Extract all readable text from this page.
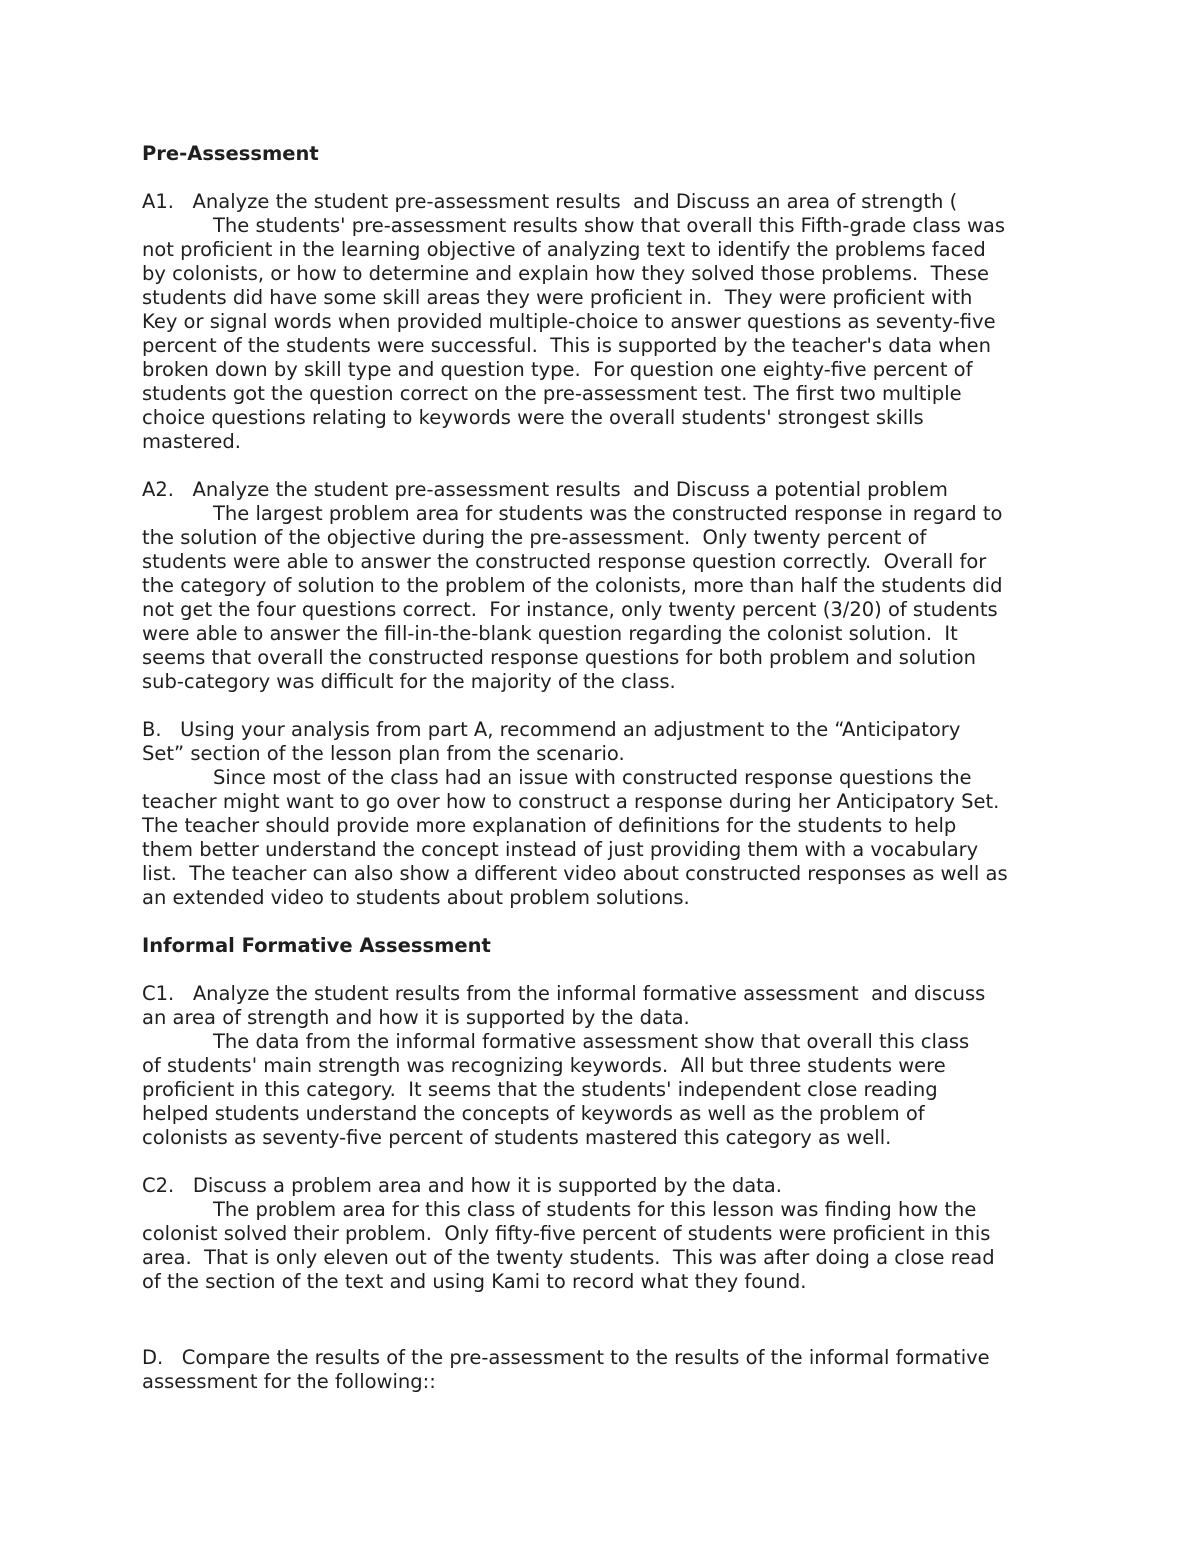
Pre-Assessment
A1.   Analyze the student pre-assessment results  and Discuss an area of strength (
The students' pre-assessment results show that overall this Fifth-grade class was
not proficient in the learning objective of analyzing text to identify the problems faced
by colonists, or how to determine and explain how they solved those problems.  These
students did have some skill areas they were proficient in.  They were proficient with
Key or signal words when provided multiple-choice to answer questions as seventy-five
percent of the students were successful.  This is supported by the teacher's data when
broken down by skill type and question type.  For question one eighty-five percent of
students got the question correct on the pre-assessment test. The first two multiple
choice questions relating to keywords were the overall students' strongest skills
mastered.
A2.   Analyze the student pre-assessment results  and Discuss a potential problem
The largest problem area for students was the constructed response in regard to
the solution of the objective during the pre-assessment.  Only twenty percent of
students were able to answer the constructed response question correctly.  Overall for
the category of solution to the problem of the colonists, more than half the students did
not get the four questions correct.  For instance, only twenty percent (3/20) of students
were able to answer the fill-in-the-blank question regarding the colonist solution.  It
seems that overall the constructed response questions for both problem and solution
sub-category was difficult for the majority of the class.
B.   Using your analysis from part A, recommend an adjustment to the “Anticipatory
Set” section of the lesson plan from the scenario.
Since most of the class had an issue with constructed response questions the
teacher might want to go over how to construct a response during her Anticipatory Set.
The teacher should provide more explanation of definitions for the students to help
them better understand the concept instead of just providing them with a vocabulary
list.  The teacher can also show a different video about constructed responses as well as
an extended video to students about problem solutions.
Informal Formative Assessment
C1.   Analyze the student results from the informal formative assessment  and discuss
an area of strength and how it is supported by the data.
The data from the informal formative assessment show that overall this class
of students' main strength was recognizing keywords.  All but three students were
proficient in this category.  It seems that the students' independent close reading
helped students understand the concepts of keywords as well as the problem of
colonists as seventy-five percent of students mastered this category as well.
C2.   Discuss a problem area and how it is supported by the data.
The problem area for this class of students for this lesson was finding how the
colonist solved their problem.  Only fifty-five percent of students were proficient in this
area.  That is only eleven out of the twenty students.  This was after doing a close read
of the section of the text and using Kami to record what they found.
D.   Compare the results of the pre-assessment to the results of the informal formative
assessment for the following::
